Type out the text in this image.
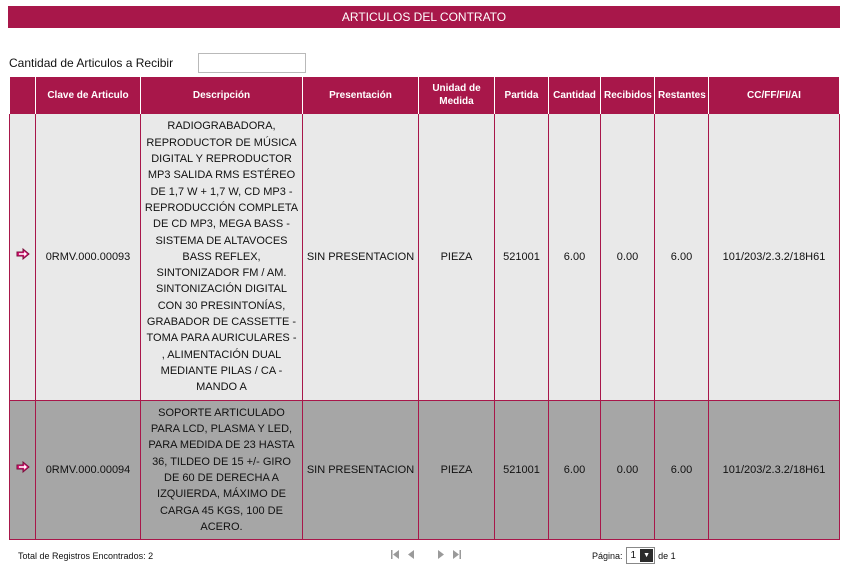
ARTICULOS DEL CONTRATO
Cantidad de Articulos a Recibir
	Clave de Articulo	Descripción	Presentación	Unidad de Medida	Partida	Cantidad	Recibidos	Restantes	CC/FF/FI/AI
	0RMV.000.00093	RADIOGRABADORA, REPRODUCTOR DE MÚSICA DIGITAL Y REPRODUCTOR MP3 SALIDA RMS ESTÉREO DE 1,7 W + 1,7 W, CD MP3 - REPRODUCCIÓN COMPLETA DE CD MP3, MEGA BASS - SISTEMA DE ALTAVOCES BASS REFLEX, SINTONIZADOR FM / AM. SINTONIZACIÓN DIGITAL CON 30 PRESINTONÍAS, GRABADOR DE CASSETTE - TOMA PARA AURICULARES - , ALIMENTACIÓN DUAL MEDIANTE PILAS / CA - MANDO A	SIN PRESENTACION	PIEZA	521001	6.00	0.00	6.00	101/203/2.3.2/18H61
	0RMV.000.00094	SOPORTE ARTICULADO PARA LCD, PLASMA Y LED, PARA MEDIDA DE 23 HASTA 36, TILDEO DE 15 +/- GIRO DE 60 DE DERECHA A IZQUIERDA, MÁXIMO DE CARGA 45 KGS, 100 DE ACERO.	SIN PRESENTACION	PIEZA	521001	6.00	0.00	6.00	101/203/2.3.2/18H61
Total de Registros Encontrados: 2	Página: 1	▼ de 1
